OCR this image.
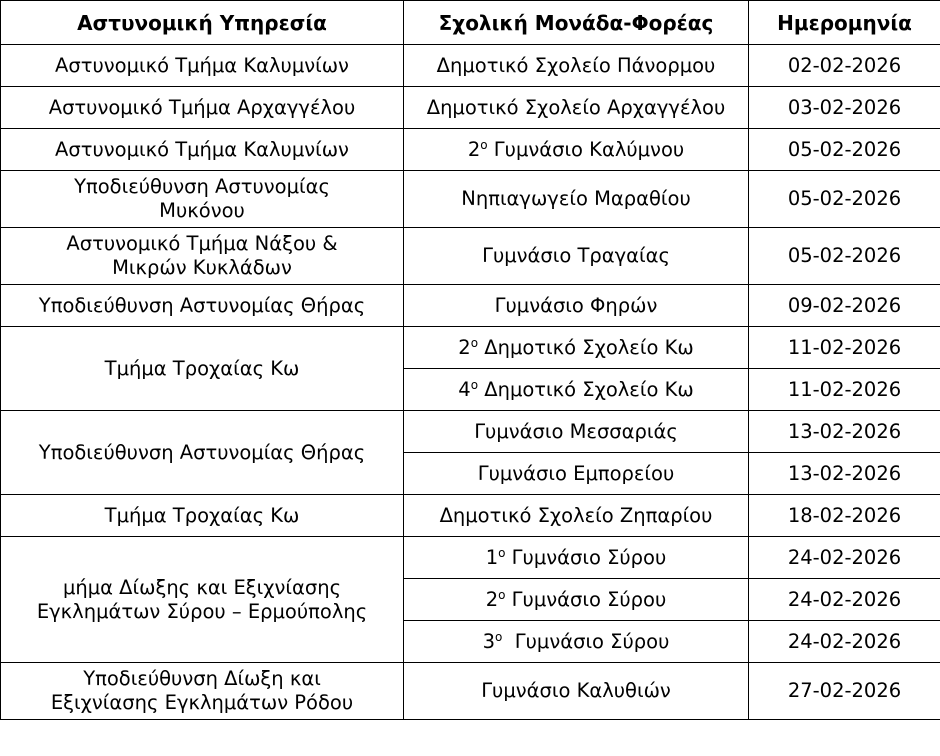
Αστυνομική Υπηρεσία	Σχολική Μονάδα-Φορέας	Ημερομηνία
Αστυνομικό Τμήμα Καλυμνίων	Δημοτικό Σχολείο Πάνορμου	02-02-2026
Αστυνομικό Τμήμα Αρχαγγέλου	Δημοτικό Σχολείο Αρχαγγέλου	03-02-2026
Αστυνομικό Τμήμα Καλυμνίων	$2^o$ Γυμνάσιο Καλύμνου	05-02-2026

Υποδιεύθυνση Αστυνομίας
Μυκόνου	Νηπιαγωγείο Μαραθίου	05-02-2026

Αστυνομικό Τμήμα Νάξου &
Μικρών Κυκλάδων	Γυμνάσιο Τραγαίας	05-02-2026
Υποδιεύθυνση Αστυνομίας Θήρας	Γυμνάσιο Φηρών	09-02-2026
Τμήμα Τροχαίας Κω	$2^o$ Δημοτικό Σχολείο Κω	11-02-2026
	$4^o$ Δημοτικό Σχολείο Κω	11-02-2026
Υποδιεύθυνση Αστυνομίας Θήρας	Γυμνάσιο Μεσσαριάς	13-02-2026
	Γυμνάσιο Εμπορείου	13-02-2026
Τμήμα Τροχαίας Κω	Δημοτικό Σχολείο Ζηπαρίου	18-02-2026

μήμα Δίωξης και Εξιχνίασης
Εγκλημάτων Σύρου – Ερμούπολης	$1^o$ Γυμνάσιο Σύρου	24-02-2026
	$2^o$ Γυμνάσιο Σύρου	24-02-2026
	$3^o$  Γυμνάσιο Σύρου	24-02-2026

Υποδιεύθυνση Δίωξη και
Εξιχνίασης Εγκλημάτων Ρόδου	Γυμνάσιο Καλυθιών	27-02-2026
